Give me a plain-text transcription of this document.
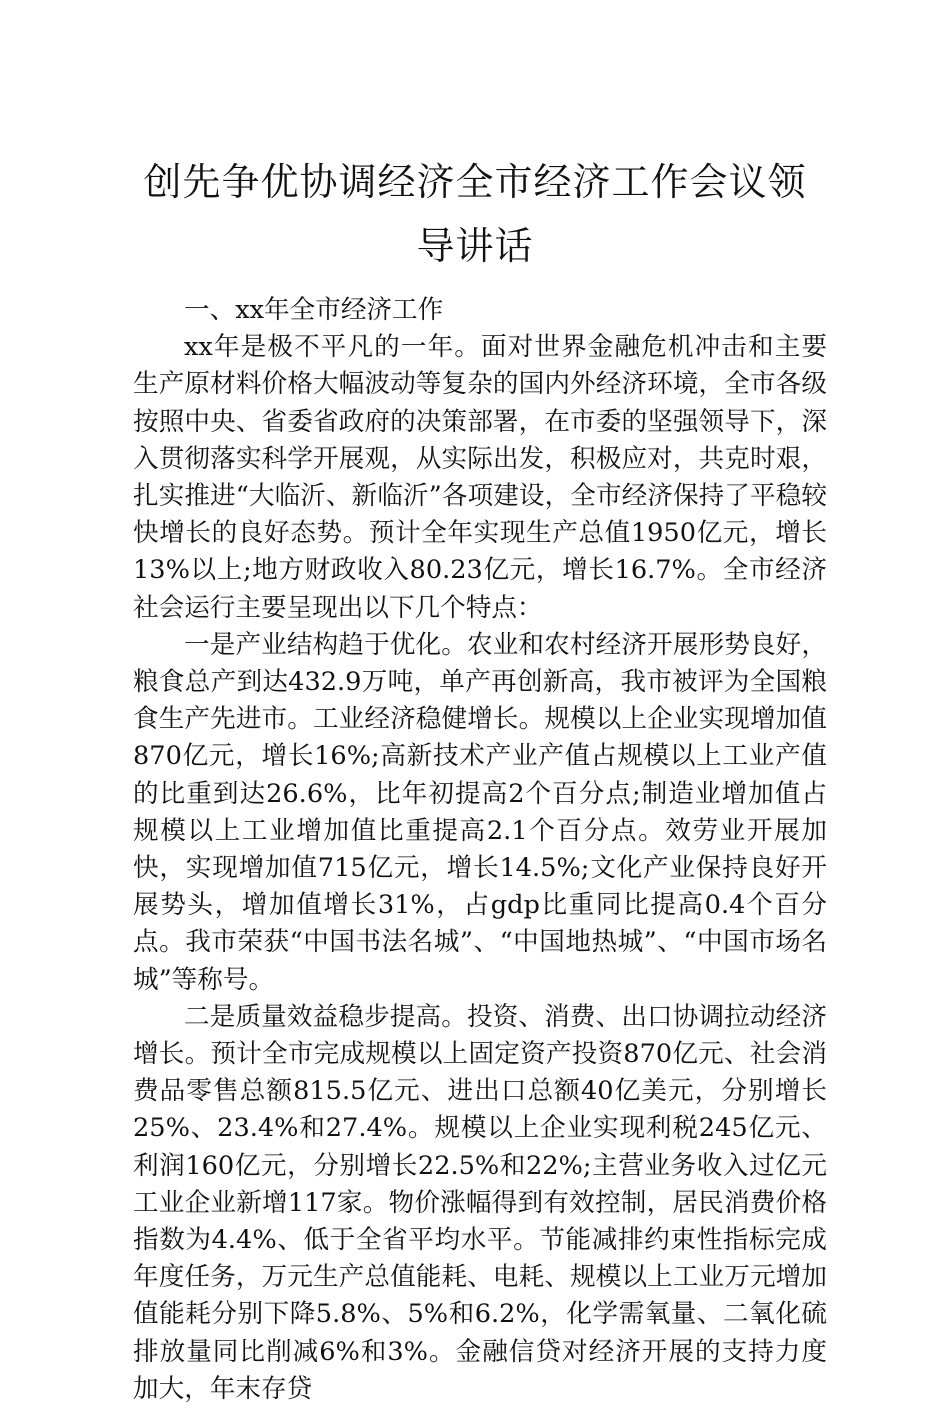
创先争优协调经济全市经济工作会议领导讲话

一、xx年全市经济工作

xx年是极不平凡的一年。面对世界金融危机冲击和主要生产原材料价格大幅波动等复杂的国内外经济环境，全市各级按照中央、省委省政府的决策部署，在市委的坚强领导下，深入贯彻落实科学开展观，从实际出发，积极应对，共克时艰，扎实推进“大临沂、新临沂”各项建设，全市经济保持了平稳较快增长的良好态势。预计全年实现生产总值1950亿元，增长13%以上;地方财政收入80.23亿元，增长16.7%。全市经济社会运行主要呈现出以下几个特点：

一是产业结构趋于优化。农业和农村经济开展形势良好，粮食总产到达432.9万吨，单产再创新高，我市被评为全国粮食生产先进市。工业经济稳健增长。规模以上企业实现增加值870亿元，增长16%;高新技术产业产值占规模以上工业产值的比重到达26.6%，比年初提高2个百分点;制造业增加值占规模以上工业增加值比重提高2.1个百分点。效劳业开展加快，实现增加值715亿元，增长14.5%;文化产业保持良好开展势头，增加值增长31%，占gdp比重同比提高0.4个百分点。我市荣获“中国书法名城”、“中国地热城”、“中国市场名城”等称号。

二是质量效益稳步提高。投资、消费、出口协调拉动经济增长。预计全市完成规模以上固定资产投资870亿元、社会消费品零售总额815.5亿元、进出口总额40亿美元，分别增长25%、23.4%和27.4%。规模以上企业实现利税245亿元、利润160亿元，分别增长22.5%和22%;主营业务收入过亿元工业企业新增117家。物价涨幅得到有效控制，居民消费价格指数为4.4%、低于全省平均水平。节能减排约束性指标完成年度任务，万元生产总值能耗、电耗、规模以上工业万元增加值能耗分别下降5.8%、5%和6.2%，化学需氧量、二氧化硫排放量同比削减6%和3%。金融信贷对经济开展的支持力度加大，年末存贷
